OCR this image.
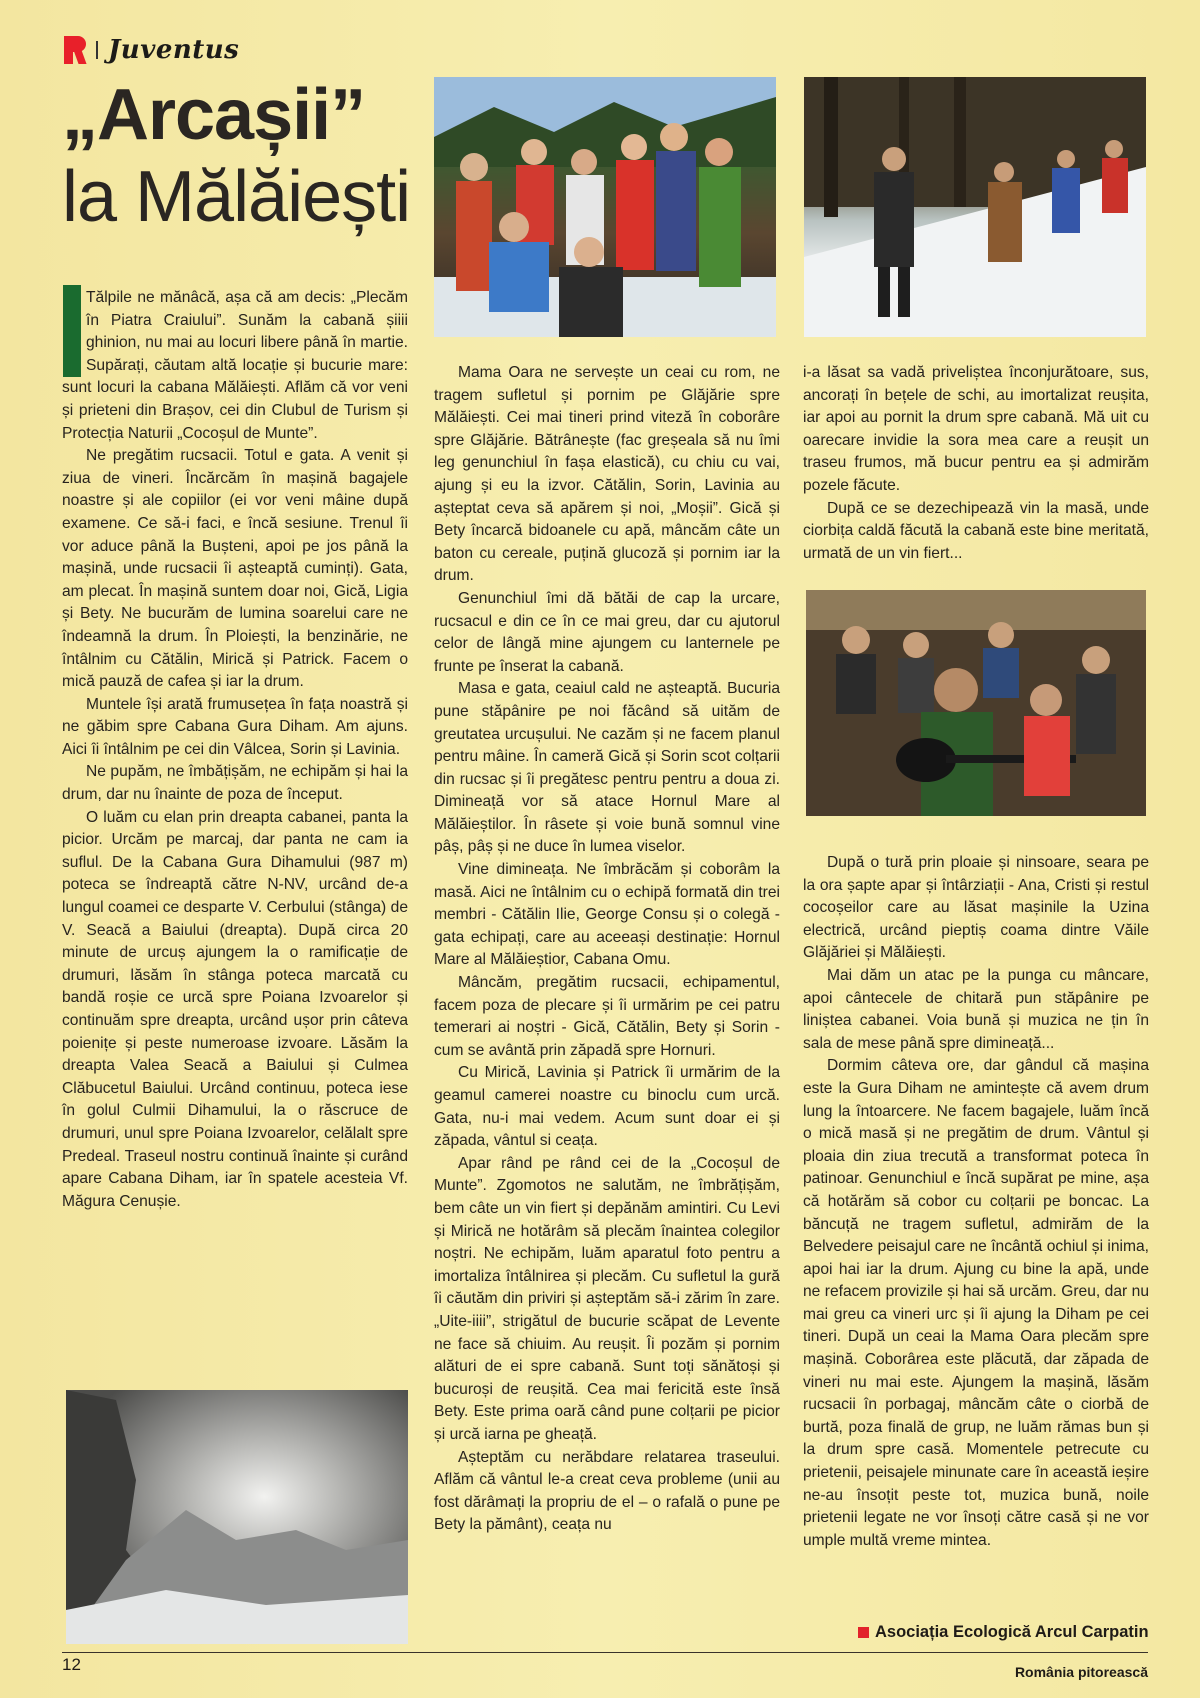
Juventus
„Arcașii”
la Mălăiești

Tălpile ne mănâcă, așa că am decis: „Plecăm în Piatra Craiului”. Sunăm la cabană șiiii ghinion, nu mai au locuri libere până în martie. Supărați, căutam altă locație și bucurie mare: sunt locuri la cabana Mălăiești. Aflăm că vor veni și prieteni din Brașov, cei din Clubul de Turism și Protecția Naturii „Cocoșul de Munte”.

Ne pregătim rucsacii. Totul e gata. A venit și ziua de vineri. Încărcăm în mașină bagajele noastre și ale copiilor (ei vor veni mâine după examene. Ce să-i faci, e încă sesiune. Trenul îi vor aduce până la Bușteni, apoi pe jos până la mașină, unde rucsacii îi așteaptă cuminți). Gata, am plecat. În mașină suntem doar noi, Gică, Ligia și Bety. Ne bucurăm de lumina soarelui care ne îndeamnă la drum. În Ploiești, la benzinărie, ne întâlnim cu Cătălin, Mirică și Patrick. Facem o mică pauză de cafea și iar la drum.

Muntele își arată frumusețea în fața noastră și ne găbim spre Cabana Gura Diham. Am ajuns. Aici îi întâlnim pe cei din Vâlcea, Sorin și Lavinia.

Ne pupăm, ne îmbățișăm, ne echipăm și hai la drum, dar nu înainte de poza de început.

O luăm cu elan prin dreapta cabanei, panta la picior. Urcăm pe marcaj, dar panta ne cam ia suflul. De la Cabana Gura Dihamului (987 m) poteca se îndreaptă către N-NV, urcând de-a lungul coamei ce desparte V. Cerbului (stânga) de V. Seacă a Baiului (dreapta). După circa 20 minute de urcuș ajungem la o ramificație de drumuri, lăsăm în stânga poteca marcată cu bandă roșie ce urcă spre Poiana Izvoarelor și continuăm spre dreapta, urcând ușor prin câteva poienițe și peste numeroase izvoare. Lăsăm la dreapta Valea Seacă a Baiului și Culmea Clăbucetul Baiului. Urcând continuu, poteca iese în golul Culmii Dihamului, la o răscruce de drumuri, unul spre Poiana Izvoarelor, celălalt spre Predeal. Traseul nostru continuă înainte și curând apare Cabana Diham, iar în spatele acesteia Vf. Măgura Cenușie.

Mama Oara ne servește un ceai cu rom, ne tragem sufletul și pornim pe Glăjărie spre Mălăiești. Cei mai tineri prind viteză în coborâre spre Glăjărie. Bătrânește (fac greșeala să nu îmi leg genunchiul în fașa elastică), cu chiu cu vai, ajung și eu la izvor. Cătălin, Sorin, Lavinia au așteptat ceva să apărem și noi, „Moșii”. Gică și Bety încarcă bidoanele cu apă, mâncăm câte un baton cu cereale, puțină glucoză și pornim iar la drum.

Genunchiul îmi dă bătăi de cap la urcare, rucsacul e din ce în ce mai greu, dar cu ajutorul celor de lângă mine ajungem cu lanternele pe frunte pe înserat la cabană.

Masa e gata, ceaiul cald ne așteaptă. Bucuria pune stăpânire pe noi făcând să uităm de greutatea urcușului. Ne cazăm și ne facem planul pentru mâine. În cameră Gică și Sorin scot colțarii din rucsac și îi pregătesc pentru pentru a doua zi. Dimineață vor să atace Hornul Mare al Mălăieștilor. În râsete și voie bună somnul vine pâș, pâș și ne duce în lumea viselor.

Vine dimineața. Ne îmbrăcăm și coborâm la masă. Aici ne întâlnim cu o echipă formată din trei membri - Cătălin Ilie, George Consu și o colegă - gata echipați, care au aceeași destinație: Hornul Mare al Mălăieștior, Cabana Omu.

Mâncăm, pregătim rucsacii, echipamentul, facem poza de plecare și îi urmărim pe cei patru temerari ai noștri - Gică, Cătălin, Bety și Sorin - cum se avântă prin zăpadă spre Hornuri.

Cu Mirică, Lavinia și Patrick îi urmărim de la geamul camerei noastre cu binoclu cum urcă. Gata, nu-i mai vedem. Acum sunt doar ei și zăpada, vântul si ceața.

Apar rând pe rând cei de la „Cocoșul de Munte”. Zgomotos ne salutăm, ne îmbrățișăm, bem câte un vin fiert și depănăm amintiri. Cu Levi și Mirică ne hotărâm să plecăm înaintea colegilor noștri. Ne echipăm, luăm aparatul foto pentru a imortaliza întâlnirea și plecăm. Cu sufletul la gură îi căutăm din priviri și așteptăm să-i zărim în zare. „Uite-iiii”, strigătul de bucurie scăpat de Levente ne face să chiuim. Au reușit. Îi pozăm și pornim alături de ei spre cabană. Sunt toți sănătoși și bucuroși de reușită. Cea mai fericită este însă Bety. Este prima oară când pune colțarii pe picior și urcă iarna pe gheață.

Așteptăm cu nerăbdare relatarea traseului. Aflăm că vântul le-a creat ceva probleme (unii au fost dărâmați la propriu de el – o rafală o pune pe Bety la pământ), ceața nu

i-a lăsat sa vadă priveliștea înconjurătoare, sus, ancorați în bețele de schi, au imortalizat reușita, iar apoi au pornit la drum spre cabană. Mă uit cu oarecare invidie la sora mea care a reușit un traseu frumos, mă bucur pentru ea și admirăm pozele făcute.

După ce se dezechipează vin la masă, unde ciorbița caldă făcută la cabană este bine meritată, urmată de un vin fiert...

După o tură prin ploaie și ninsoare, seara pe la ora șapte apar și întârziații - Ana, Cristi și restul cocoșeilor care au lăsat mașinile la Uzina electrică, urcând pieptiș coama dintre Văile Glăjăriei și Mălăiești.

Mai dăm un atac pe la punga cu mâncare, apoi cântecele de chitară pun stăpânire pe liniștea cabanei. Voia bună și muzica ne țin în sala de mese până spre dimineață...

Dormim câteva ore, dar gândul că mașina este la Gura Diham ne amintește că avem drum lung la întoarcere. Ne facem bagajele, luăm încă o mică masă și ne pregătim de drum. Vântul și ploaia din ziua trecută a transformat poteca în patinoar. Genunchiul e încă supărat pe mine, așa că hotărăm să cobor cu colțarii pe boncac. La băncuță ne tragem sufletul, admirăm de la Belvedere peisajul care ne încântă ochiul și inima, apoi hai iar la drum. Ajung cu bine la apă, unde ne refacem provizile și hai să urcăm. Greu, dar nu mai greu ca vineri urc și îi ajung la Diham pe cei tineri. După un ceai la Mama Oara plecăm spre mașină. Coborârea este plăcută, dar zăpada de vineri nu mai este. Ajungem la mașină, lăsăm rucsacii în porbagaj, mâncăm câte o ciorbă de burtă, poza finală de grup, ne luăm rămas bun și la drum spre casă. Momentele petrecute cu prietenii, peisajele minunate care în această ieșire ne-au însoțit peste tot, muzica bună, noile prietenii legate ne vor însoți către casă și ne vor umple multă vreme mintea.

Asociația Ecologică Arcul Carpatin
12	România pitorească
